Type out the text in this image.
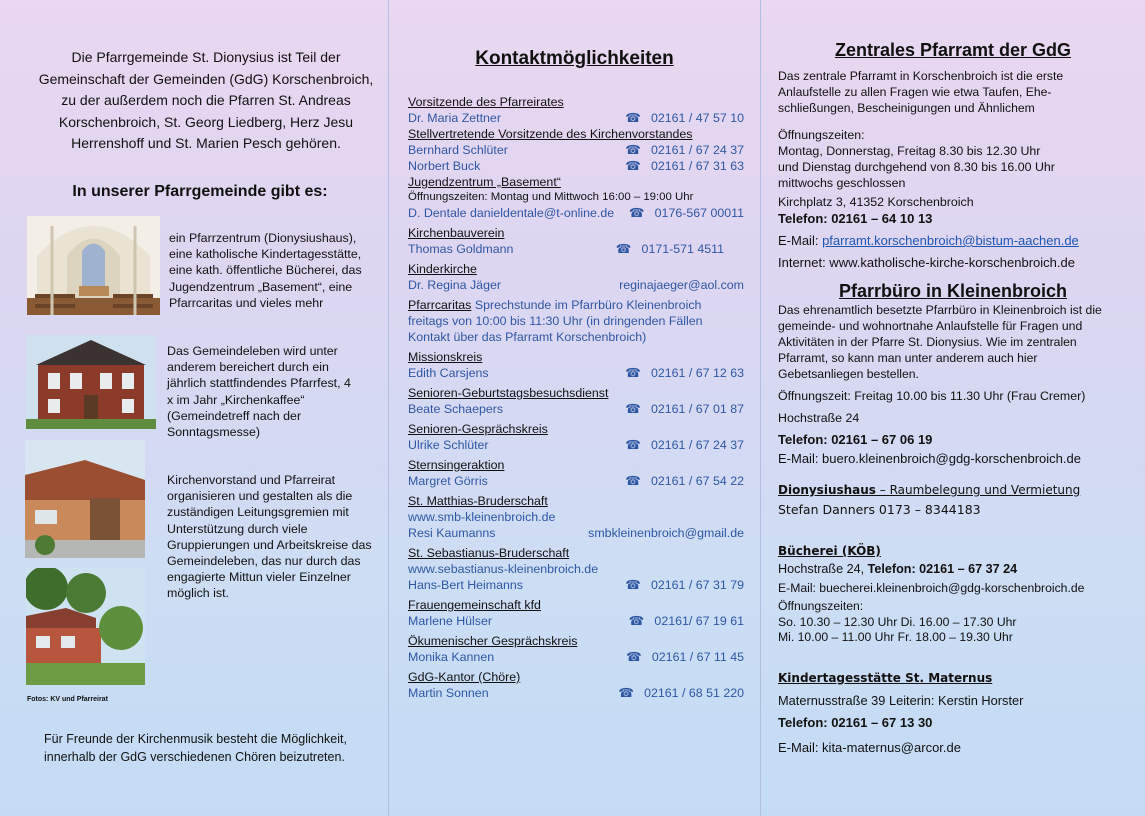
Die Pfarrgemeinde St. Dionysius ist Teil der Gemeinschaft der Gemeinden (GdG) Korschenbroich, zu der außerdem noch die Pfarren St. Andreas Korschenbroich, St. Georg Liedberg, Herz Jesu Herrenshoff und St. Marien Pesch gehören.
In unserer Pfarrgemeinde gibt es:
ein Pfarrzentrum (Dionysiushaus), eine katholische Kindertagesstätte, eine kath. öffentliche Bücherei, das Jugendzentrum „Basement“, eine Pfarrcaritas und vieles mehr
Das Gemeindeleben wird unter anderem bereichert durch ein jährlich stattfindendes Pfarrfest, 4 x im Jahr „Kirchenkaffee“ (Gemeindetreff nach der Sonntagsmesse)
Kirchenvorstand und Pfarreirat organisieren und gestalten als die zuständigen Leitungsgremien mit Unterstützung durch viele Gruppierungen und Arbeitskreise das Gemeindeleben, das nur durch das engagierte Mittun vieler Einzelner möglich ist.
Fotos: KV und Pfarreirat
Für Freunde der Kirchenmusik besteht die Möglichkeit, innerhalb der GdG verschiedenen Chören beizutreten.
Kontaktmöglichkeiten
Vorsitzende des Pfarreirates
Dr. Maria Zettner	☎   02161 / 47 57 10
Stellvertretende Vorsitzende des Kirchenvorstandes
Bernhard Schlüter	☎   02161 / 67 24 37
Norbert Buck	☎   02161 / 67 31 63
Jugendzentrum „Basement“
Öffnungszeiten: Montag und Mittwoch 16:00 – 19:00 Uhr
D. Dentale danieldentale@t-online.de	☎   0176-567 00011
Kirchenbauverein
Thomas Goldmann	☎   0171-571 4511
Kinderkirche
Dr. Regina Jäger	reginajaeger@aol.com
Pfarrcaritas Sprechstunde im Pfarrbüro Kleinenbroich freitags von 10:00 bis 11:30 Uhr (in dringenden Fällen Kontakt über das Pfarramt Korschenbroich)
Missionskreis
Edith Carsjens	☎   02161 / 67 12 63
Senioren-Geburtstagsbesuchsdienst
Beate Schaepers	☎   02161 / 67 01 87
Senioren-Gesprächskreis
Ulrike Schlüter	☎   02161 / 67 24 37
Sternsingeraktion
Margret Görris	☎   02161 / 67 54 22
St. Matthias-Bruderschaft
www.smb-kleinenbroich.de
Resi Kaumanns	smbkleinenbroich@gmail.de
St. Sebastianus-Bruderschaft
www.sebastianus-kleinenbroich.de
Hans-Bert Heimanns	☎   02161 / 67 31 79
Frauengemeinschaft kfd
Marlene Hülser	☎   02161/ 67 19 61
Ökumenischer Gesprächskreis
Monika Kannen	☎   02161 / 67 11 45
GdG-Kantor (Chöre)
Martin Sonnen	☎   02161 / 68 51 220
Zentrales Pfarramt der GdG
Das zentrale Pfarramt in Korschenbroich ist die erste Anlaufstelle zu allen Fragen wie etwa Taufen, Ehe-schließungen, Bescheinigungen und Ähnlichem
Öffnungszeiten:
Montag, Donnerstag, Freitag 8.30 bis 12.30 Uhr
und Dienstag durchgehend von 8.30 bis 16.00 Uhr
mittwochs geschlossen
Kirchplatz 3, 41352 Korschenbroich
Telefon: 02161 – 64 10 13
E-Mail: pfarramt.korschenbroich@bistum-aachen.de
Internet: www.katholische-kirche-korschenbroich.de
Pfarrbüro in Kleinenbroich
Das ehrenamtlich besetzte Pfarrbüro in Kleinenbroich ist die gemeinde- und wohnortnahe Anlaufstelle für Fragen und Aktivitäten in der Pfarre St. Dionysius. Wie im zentralen Pfarramt, so kann man unter anderem auch hier Gebetsanliegen bestellen.
Öffnungszeit: Freitag 10.00 bis 11.30 Uhr (Frau Cremer)
Hochstraße 24
Telefon: 02161 – 67 06 19
E-Mail: buero.kleinenbroich@gdg-korschenbroich.de
Dionysiushaus – Raumbelegung und Vermietung
Stefan Danners 0173 – 8344183
Bücherei (KÖB)
Hochstraße 24, Telefon: 02161 – 67 37 24
E-Mail: buecherei.kleinenbroich@gdg-korschenbroich.de
Öffnungszeiten:
So. 10.30 – 12.30 Uhr Di. 16.00 – 17.30 Uhr
Mi. 10.00 – 11.00 Uhr Fr. 18.00 – 19.30 Uhr
Kindertagesstätte St. Maternus
Maternusstraße 39 Leiterin: Kerstin Horster
Telefon: 02161 – 67 13 30
E-Mail: kita-maternus@arcor.de
